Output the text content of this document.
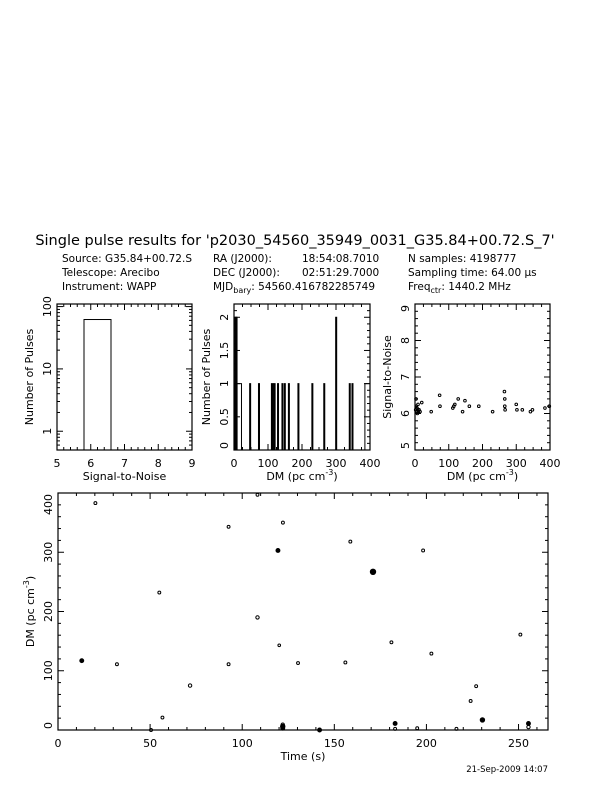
Single pulse results for 'p2030_54560_35949_0031_G35.84+00.72.S_7'
Source: G35.84+00.72.S
Telescope: Arecibo
Instrument: WAPP
RA (J2000):	18:54:08.7010
DEC (J2000): 02:51:29.7000
$MJD_{bary}$: 54560.416782285749
N samples: 4198777
Sampling time: 64.00 μs
Freq$_{ctr}$: 1440.2 MHz
21-Sep-2009 14:07
5 6 7 8 9
1
10
100
Signal-to-Noise
Number of Pulses
0 100 200 300 400
0
0.5
1
1.5
2
DM (pc $cm^{-3}$)
Number of Pulses
0 100 200 300 400
5
6
7
8
9
DM (pc $cm^{-3}$)
Signal-to-Noise
0	50	100	150	200	250
0
100
200
300
400
Time (s)
DM (pc $cm^{-3}$)
